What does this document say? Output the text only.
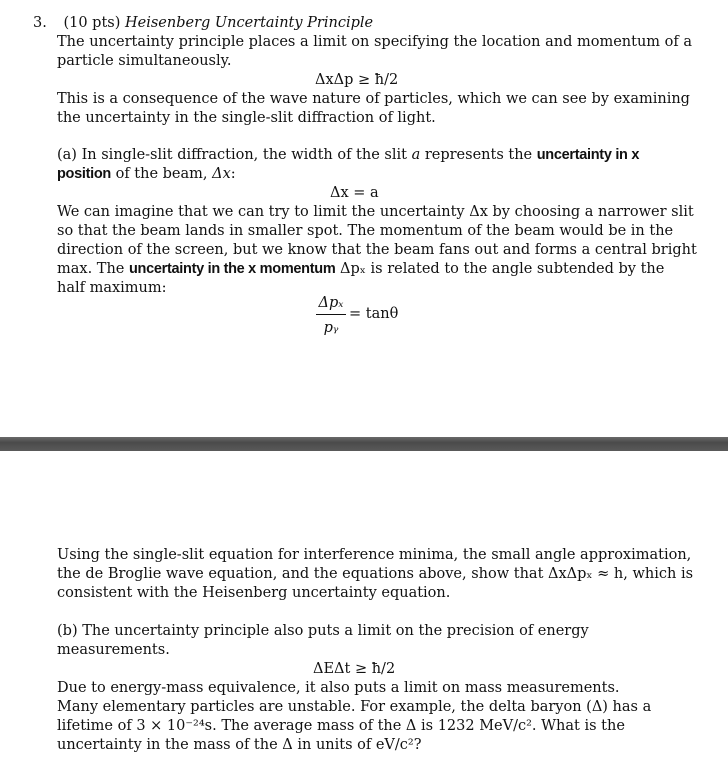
3. (10 pts) Heisenberg Uncertainty Principle
The uncertainty principle places a limit on specifying the location and momentum of a
particle simultaneously.
ΔxΔp ≥ ħ/2
This is a consequence of the wave nature of particles, which we can see by examining
the uncertainty in the single-slit diffraction of light.
(a) In single-slit diffraction, the width of the slit a represents the uncertainty in x
position of the beam, Δx:
Δx = a
We can imagine that we can try to limit the uncertainty Δx by choosing a narrower slit
so that the beam lands in smaller spot. The momentum of the beam would be in the
direction of the screen, but we know that the beam fans out and forms a central bright
max. The uncertainty in the x momentum Δpₓ is related to the angle subtended by the
half maximum:
Δpₓ
pᵧ
= tanθ
Using the single-slit equation for interference minima, the small angle approximation,
the de Broglie wave equation, and the equations above, show that ΔxΔpₓ ≈ h, which is
consistent with the Heisenberg uncertainty equation.
(b) The uncertainty principle also puts a limit on the precision of energy
measurements.
ΔEΔt ≥ ħ/2
Due to energy-mass equivalence, it also puts a limit on mass measurements.
Many elementary particles are unstable. For example, the delta baryon (Δ) has a
lifetime of 3 × 10⁻²⁴s. The average mass of the Δ is 1232 MeV/c². What is the
uncertainty in the mass of the Δ in units of eV/c²?
